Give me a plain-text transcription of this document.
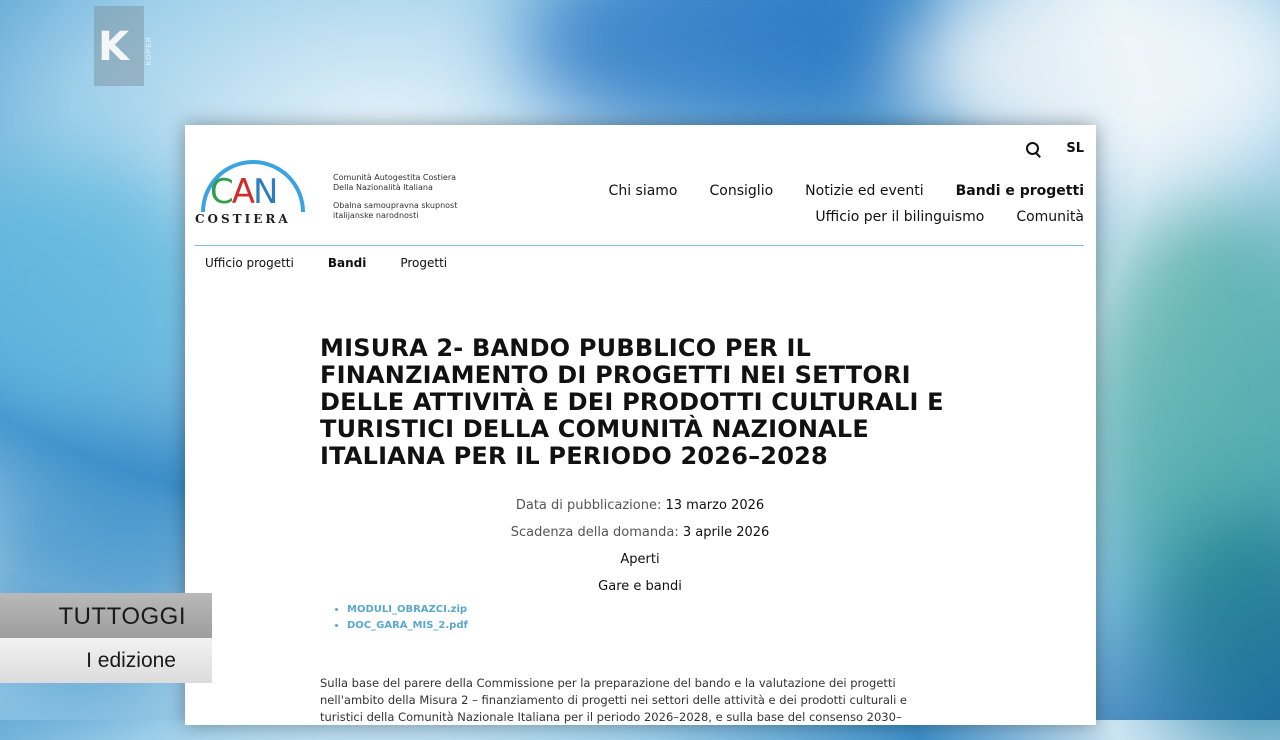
K	KOPER
SL
CAN
COSTIERA
Comunità Autogestita Costiera
Della Nazionalità Italiana
Obalna samoupravna skupnost
italijanske narodnosti
Chi siamo Consiglio Notizie ed eventi Bandi e progetti
Ufficio per il bilinguismo Comunità
Ufficio progetti	Bandi	Progetti
MISURA 2- BANDO PUBBLICO PER IL FINANZIAMENTO DI PROGETTI NEI SETTORI DELLE ATTIVITÀ E DEI PRODOTTI CULTURALI E TURISTICI DELLA COMUNITÀ NAZIONALE ITALIANA PER IL PERIODO 2026–2028
Data di pubblicazione: 13 marzo 2026
Scadenza della domanda: 3 aprile 2026
Aperti
Gare e bandi
• MODULI_OBRAZCI.zip
• DOC_GARA_MIS_2.pdf
Sulla base del parere della Commissione per la preparazione del bando e la valutazione dei progetti
nell'ambito della Misura 2 – finanziamento di progetti nei settori delle attività e dei prodotti culturali e
turistici della Comunità Nazionale Italiana per il periodo 2026–2028, e sulla base del consenso 2030–
TUTTOGGI
I edizione
